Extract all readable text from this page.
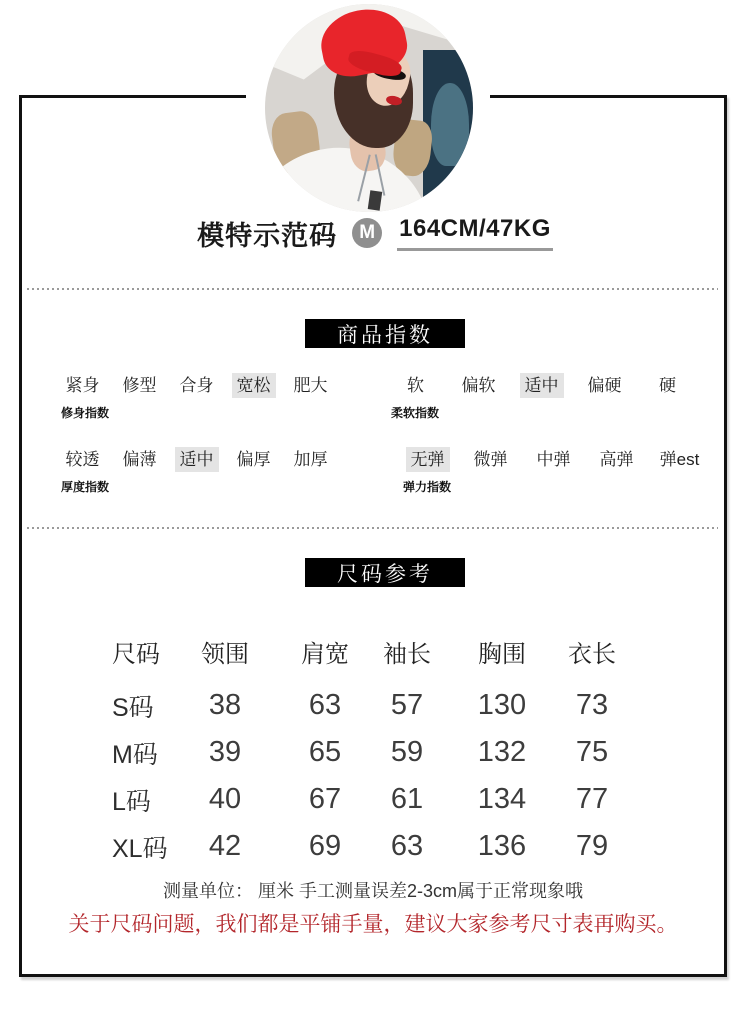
模特示范码	M 164CM/47KG
商品指数
紧身 修型 合身 宽松 肥大
修身指数
软 偏软 适中 偏硬 硬
柔软指数
较透 偏薄 适中 偏厚 加厚
厚度指数
无弹 微弹 中弹 高弹 弹est
弹力指数
尺码参考
尺码	领围	肩宽	袖长	胸围	衣长
S码	38	63	57	130	73
M码	39	65	59	132	75
L码	40	67	61	134	77
XL码	42	69	63	136	79
测量单位： 厘米 手工测量误差2-3cm属于正常现象哦
关于尺码问题，我们都是平铺手量，建议大家参考尺寸表再购买。
